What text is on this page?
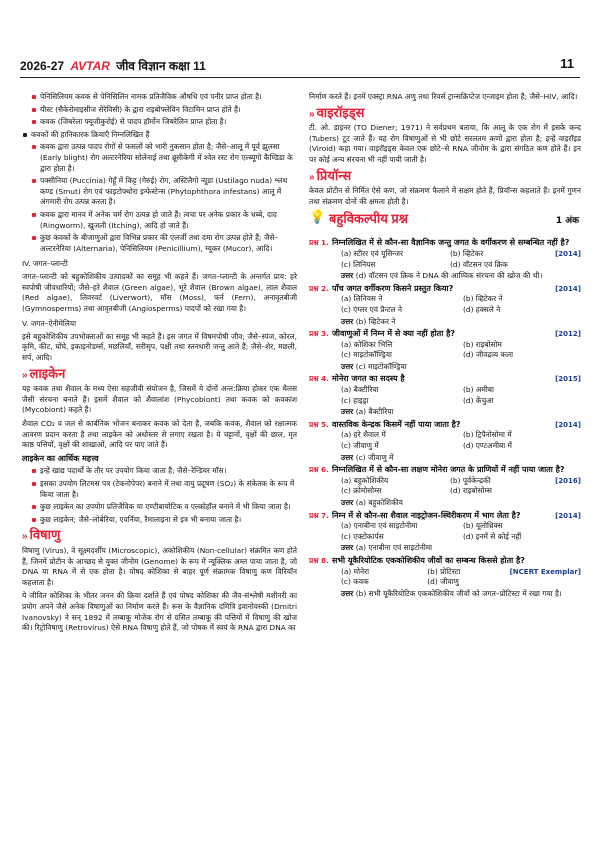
2026-27 AVTAR जीव विज्ञान कक्षा 11	11
पेनिसिलियम कवक से पेनिसिलिन नामक प्रतिजैविक औषधि एवं पनीर प्राप्त होता है।
यीस्ट (सैकेरोमाइसीज सेरेविसी) के द्वारा राइबोफ्लेविन विटामिन प्राप्त होते हैं।
कवक (जिबरेला फ्यूजीकुरोई) से पादप हॉर्मोन जिबरेलिन प्राप्त होता है।
कवकों की हानिकारक क्रियाएँ निम्नलिखित हैं
कवक द्वारा उत्पन्न पादप रोगों से फसलों को भारी नुकसान होता है; जैसे–आलू में पूर्व झुलसा (Early blight) रोग अल्टरनेरिया सोलेनाई तथा ब्रूसीकेगी में श्वेत रस्ट रोग एल्ब्यूगो कैण्डिडा के द्वारा होता है।
पक्सीनिया (Puccinia) गेहूँ में किट्ट (गेरुई) रोग, अस्टिलैगो न्यूडा (Ustilago nuda) श्लथ कण्ड (Smut) रोग एवं फाइटोफ्थोरा इन्फेस्टेन्स (Phytophthora infestans) आलू में अंगमारी रोग उत्पन्न करता है।
कवक द्वारा मानव में अनेक चर्म रोग उत्पन्न हो जाते हैं। त्वचा पर अनेक प्रकार के धब्बे, दाद (Ringworm), खुजली (Itching), आदि हो जाते हैं।
कुछ कवकों के बीजाणुओं द्वारा विभिन्न प्रकार की एलर्जी तथा दमा रोग उत्पन्न होते हैं; जैसे–अल्टरनेरिया (Alternaria), पेनिसिलियम (Penicillium), म्यूकर (Mucor), आदि।
IV. जगत–प्लान्टी
जगत–प्लान्टी को बहुकोशिकीय उत्पादकों का समूह भी कहते हैं। जगत–प्लान्टी के अन्तर्गत प्राय: हरे स्वपोषी जीवधारियों; जैसे–हरे शैवाल (Green algae), भूरे शैवाल (Brown algae), लाल शैवाल (Red algae), लिवरवर्ट (Liverwort), मॉस (Moss), फर्न (Fern), अनावृतबीजी (Gymnosperms) तथा आवृतबीजी (Angiosperms) पादपों को रखा गया है।
V. जगत–ऐनीमेलिया
इसे बहुकोशिकीय उपभोक्ताओं का समूह भी कहते हैं। इस जगत में विषमपोषी जीव; जैसे–स्पंज, कोरल, कृमि, कीट, घोंघे, इकाइनोडर्म्स, मछलियाँ, सरीसृप, पक्षी तथा स्तनधारी जन्तु आते हैं; जैसे–शेर, मछली, सर्प, आदि।
» लाइकेन
यह कवक तथा शैवाल के मध्य ऐसा सहजीवी संयोजन है, जिसमें ये दोनों अन्त:क्रिया होकर एक थैलस जैसी संरचना बनाते हैं। इसमें शैवाल को शैवालांश (Phycobiont) तथा कवक को कवकांश (Mycobiont) कहते हैं।
शैवाल CO₂ व जल से कार्बनिक भोजन बनाकर कवक को देता है, जबकि कवक, शैवाल को रक्षात्मक आवरण प्रदान करता है तथा लाइकेन को अधोस्तर से लगाए रखता है। ये चट्टानों, वृक्षों की छाल, मृत काष्ठ पत्तियों, वृक्षों की शाखाओं, आदि पर पाए जाते हैं।
लाइकेन का आर्थिक महत्त्व
इन्हें खाद्य पदार्थों के तौर पर उपयोग किया जाता है; जैसे–रेन्डियर मॉस।
इसका उपयोग लिटमस पत्र (टेकनोपेपर) बनाने में तथा वायु प्रदूषण (SO₂) के संकेतक के रूप में किया जाता है।
कुछ लाइकेन का उपयोग प्रतिजैविक या एण्टीबायोटिक व एल्कोहॉल बनाने में भी किया जाता है।
कुछ लाइकेन; जैसे–लोबेरिया, एवर्निया, रैमालाइना से इत्र भी बनाया जाता है।
» विषाणु
विषाणु (Virus), वे सूक्ष्मदर्शीय (Microscopic), अकोशिकीय (Non-cellular) संक्रमित कण होते हैं, जिनमें प्रोटीन के आच्छद से युक्त जीनोम (Genome) के रूप में न्यूक्लिक अम्ल पाया जाता है, जो DNA या RNA में से एक होता है। पोषद कोशिका से बाहर पूर्ण संक्रामक विषाणु कण विरियॉन कहलाता है।
ये जीवित कोशिका के भीतर जनन की क्रिया दर्शाते हैं एवं पोषद कोशिका की जैव-संश्लेषी मशीनरी का प्रयोग अपने जैसे अनेक विषाणुओं का निर्माण करते हैं। रूस के वैज्ञानिक दमित्रि इवानोवस्की (Dmitri Ivanovsky) ने सन् 1892 में तम्बाकू मोजेक रोग से ग्रसित तम्बाकू की पत्तियों में विषाणु की खोज की। रिट्रोविषाणु (Retrovirus) ऐसे RNA विषाणु होते हैं, जो पोषक में स्वयं के RNA द्वारा DNA का
निर्माण करते हैं। इनमें एक्स्ट्रा RNA अणु तथा रिवर्स ट्रान्सक्रिप्टेज एन्जाइम होता है; जैसे–HIV, आदि।
» वाइरॉइड्स
टी. ओ. डाइनर (TO Diener; 1971) ने सर्वप्रथम बताया, कि आलू के एक रोग में इसके कन्द (Tubers) टूट जाते हैं। यह रोग विषाणुओं से भी छोटे सरलतम कणों द्वारा होता है; इन्हें वाइरॉइड (Viroid) कहा गया। वाइरॉइड्स केवल एक छोटे–से RNA जीनोम के द्वारा संगठित कण होते हैं। इन पर कोई अन्य संरचना भी नहीं पायी जाती है।
» प्रियॉन्स
केवल प्रोटीन से निर्मित ऐसे कण, जो संक्रमण फैलाने में सक्षम होते हैं, प्रियॉन्स कहलाते हैं। इनमें गुणन तथा संक्रमण दोनों की क्षमता होती है।
💡 बहुविकल्पीय प्रश्न	1 अंक
प्रश्न 1. निम्नलिखित में से कौन-सा वैज्ञानिक जन्तु जगत के वर्गीकरण से सम्बन्धित नहीं है?
[2014]
(a) स्टीरर एवं यूसिन्जर	(b) व्हिटेकर
(c) लिनियस	(d) वॉटसन एवं क्रिक
उत्तर (d) वॉटसन एवं क्रिक ने DNA की आण्विक संरचना की खोज की थी।
प्रश्न 2. पाँच जगत वर्गीकरण किसने प्रस्तुत किया?	[2014]
(a) लिनियस ने	(b) व्हिटेकर ने
(c) एंग्लर एवं प्रैन्टल ने	(d) हक्सले ने
उत्तर (b) व्हिटेकर ने
प्रश्न 3. जीवाणुओं में निम्न में से क्या नहीं होता है?	[2012]
(a) कोशिका भित्ति	(b) राइबोसोम
(c) माइटोकॉण्ड्रिया	(d) जीवद्रव्य कला
उत्तर (c) माइटोकॉण्ड्रिया
प्रश्न 4. मोनेरा जगत का सदस्य है	[2015]
(a) बैक्टीरिया	(b) अमीबा
(c) हाइड्रा	(d) केंचुआ
उत्तर (a) बैक्टीरिया
प्रश्न 5. वास्तविक केन्द्रक किसमें नहीं पाया जाता है?	[2014]
(a) हरे शैवाल में	(b) ट्रिपैनोसोमा में
(c) जीवाणु में	(d) एण्टअमीबा में
उत्तर (c) जीवाणु में
प्रश्न 6. निम्नलिखित में से कौन-सा लक्षण मोनेरा जगत के प्राणियों में नहीं पाया जाता है?
[2016]
(a) बहुकोशिकीय	(b) पूर्वकेन्द्रकी
(c) क्रोमोसोम्स	(d) राइबोसोम्स
उत्तर (a) बहुकोशिकीय
प्रश्न 7. निम्न में से कौन-सा शैवाल नाइट्रोजन-स्थिरीकरण में भाग लेता है?	[2014]
(a) एनाबीना एवं साइटोनीमा	(b) यूलोथ्रिक्स
(c) एक्टोकार्पस	(d) इनमें से कोई नहीं
उत्तर (a) एनाबीना एवं साइटोनीमा
प्रश्न 8. सभी यूकैरियोटिक एककोशिकीय जीवों का सम्बन्ध किससे होता है?
[NCERT Exemplar]
(a) मोनेरा	(b) प्रोटिस्टा
(c) कवक	(d) जीवाणु
उत्तर (b) सभी यूकैरियोटिक एककोशिकीय जीवों को जगत–प्रोटिस्टा में रखा गया है।
